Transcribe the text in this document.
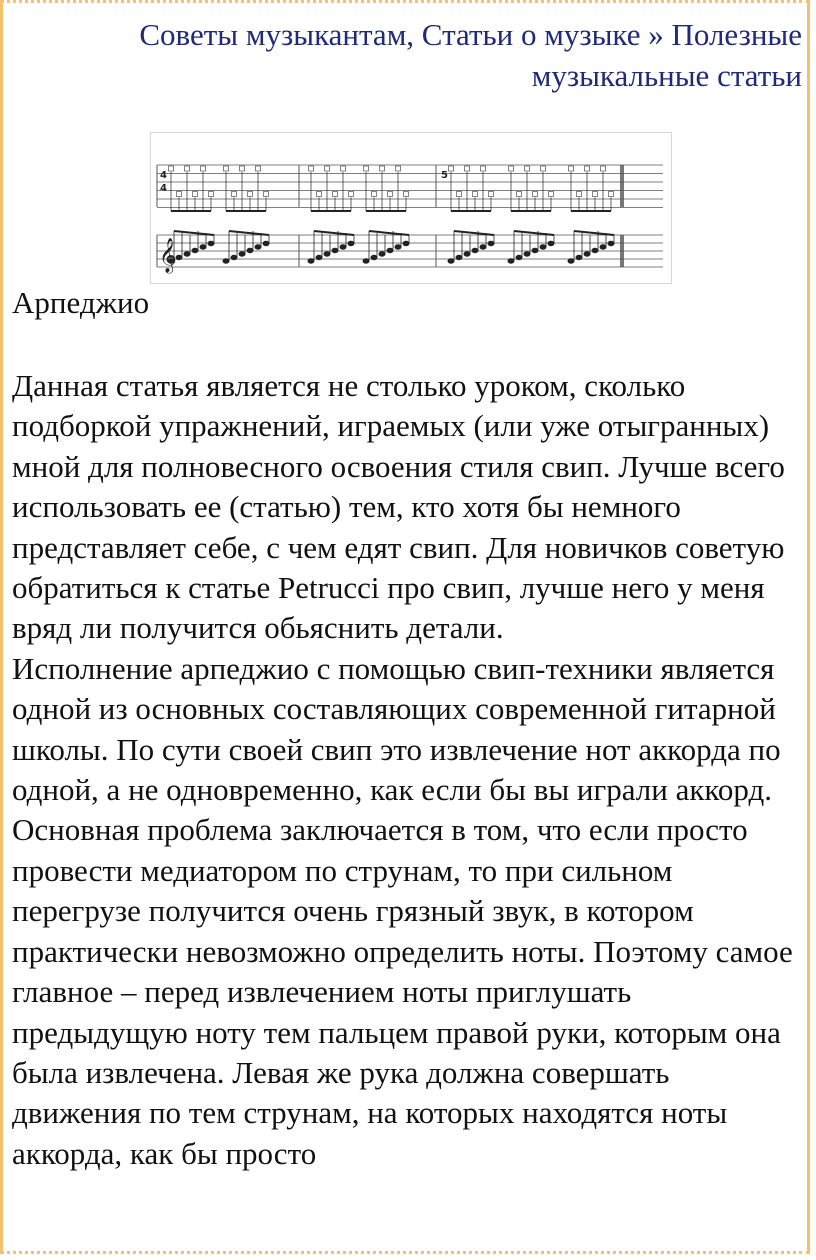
Советы музыкантам, Статьи о музыке » Полезные музыкальные статьи
𝄞
4
4
5
Арпеджио

Данная статья является не столько уроком, сколько подборкой упражнений, играемых (или уже отыгранных) мной для полновесного освоения стиля свип. Лучше всего использовать ее (статью) тем, кто хотя бы немного представляет себе, с чем едят свип. Для новичков советую обратиться к статье Petrucci про свип, лучше него у меня вряд ли получится обьяснить детали.

Исполнение арпеджио с помощью свип-техники является одной из основных составляющих современной гитарной школы. По сути своей свип это извлечение нот аккорда по одной, а не одновременно, как если бы вы играли аккорд. Основная проблема заключается в том, что если просто провести медиатором по струнам, то при сильном перегрузе получится очень грязный звук, в котором практически невозможно определить ноты. Поэтому самое главное – перед извлечением ноты приглушать предыдущую ноту тем пальцем правой руки, которым она была извлечена. Левая же рука должна совершать движения по тем струнам, на которых находятся ноты аккорда, как бы просто
